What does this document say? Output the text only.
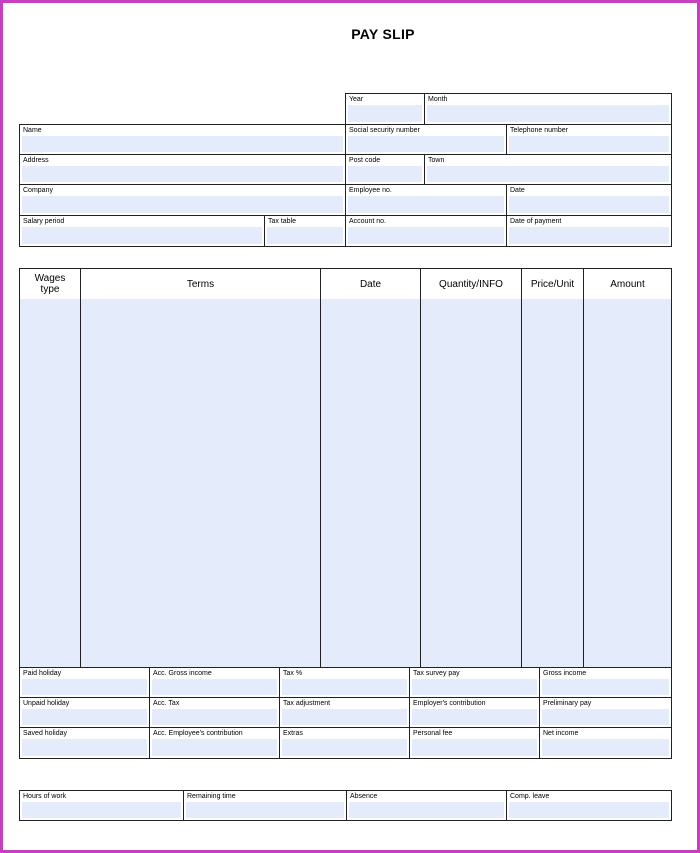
PAY SLIP
Year	Month
Name	Social security number	Telephone number
Address	Post code	Town
Company	Employee no.	Date
Salary period	Tax table	Account no.	Date of payment
Wages type	Terms	Date	Quantity/INFO	Price/Unit	Amount
Paid holiday	Acc. Gross income	Tax %	Tax survey pay	Gross income
Unpaid holiday	Acc. Tax	Tax adjustment	Employer's contribution	Preliminary pay
Saved holiday	Acc. Employee's contribution	Extras	Personal fee	Net income
Hours of work	Remaining time	Absence	Comp. leave
